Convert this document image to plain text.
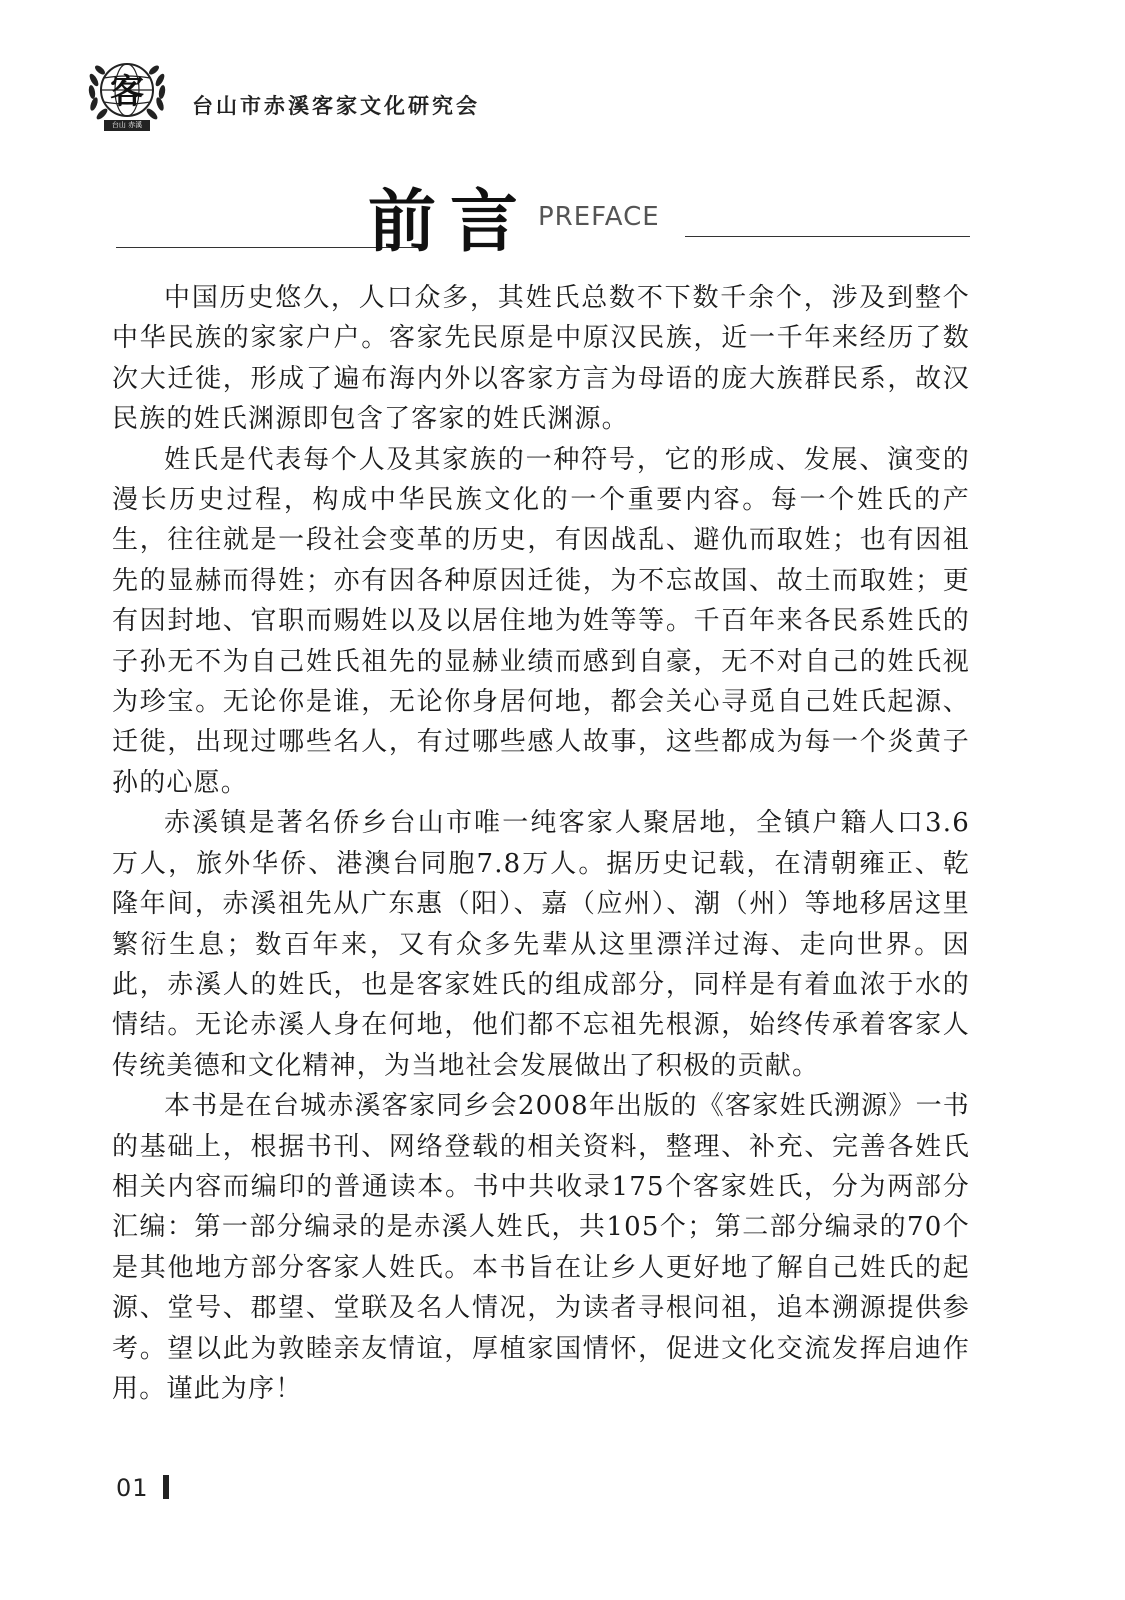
客
台山 赤溪
台山市赤溪客家文化研究会
前言 PREFACE

中国历史悠久，人口众多，其姓氏总数不下数千余个，涉及到整个中华民族的家家户户。客家先民原是中原汉民族，近一千年来经历了数次大迁徙，形成了遍布海内外以客家方言为母语的庞大族群民系，故汉民族的姓氏渊源即包含了客家的姓氏渊源。

姓氏是代表每个人及其家族的一种符号，它的形成、发展、演变的漫长历史过程，构成中华民族文化的一个重要内容。每一个姓氏的产生，往往就是一段社会变革的历史，有因战乱、避仇而取姓；也有因祖先的显赫而得姓；亦有因各种原因迁徙，为不忘故国、故土而取姓；更有因封地、官职而赐姓以及以居住地为姓等等。千百年来各民系姓氏的子孙无不为自己姓氏祖先的显赫业绩而感到自豪，无不对自己的姓氏视为珍宝。无论你是谁，无论你身居何地，都会关心寻觅自己姓氏起源、迁徙，出现过哪些名人，有过哪些感人故事，这些都成为每一个炎黄子孙的心愿。

赤溪镇是著名侨乡台山市唯一纯客家人聚居地，全镇户籍人口3.6万人，旅外华侨、港澳台同胞7.8万人。据历史记载，在清朝雍正、乾隆年间，赤溪祖先从广东惠（阳）、嘉（应州）、潮（州）等地移居这里繁衍生息；数百年来，又有众多先辈从这里漂洋过海、走向世界。因此，赤溪人的姓氏，也是客家姓氏的组成部分，同样是有着血浓于水的情结。无论赤溪人身在何地，他们都不忘祖先根源，始终传承着客家人传统美德和文化精神，为当地社会发展做出了积极的贡献。

本书是在台城赤溪客家同乡会2008年出版的《客家姓氏溯源》一书的基础上，根据书刊、网络登载的相关资料，整理、补充、完善各姓氏相关内容而编印的普通读本。书中共收录175个客家姓氏，分为两部分汇编：第一部分编录的是赤溪人姓氏，共105个；第二部分编录的70个是其他地方部分客家人姓氏。本书旨在让乡人更好地了解自己姓氏的起源、堂号、郡望、堂联及名人情况，为读者寻根问祖，追本溯源提供参考。望以此为敦睦亲友情谊，厚植家国情怀，促进文化交流发挥启迪作用。谨此为序！

01
